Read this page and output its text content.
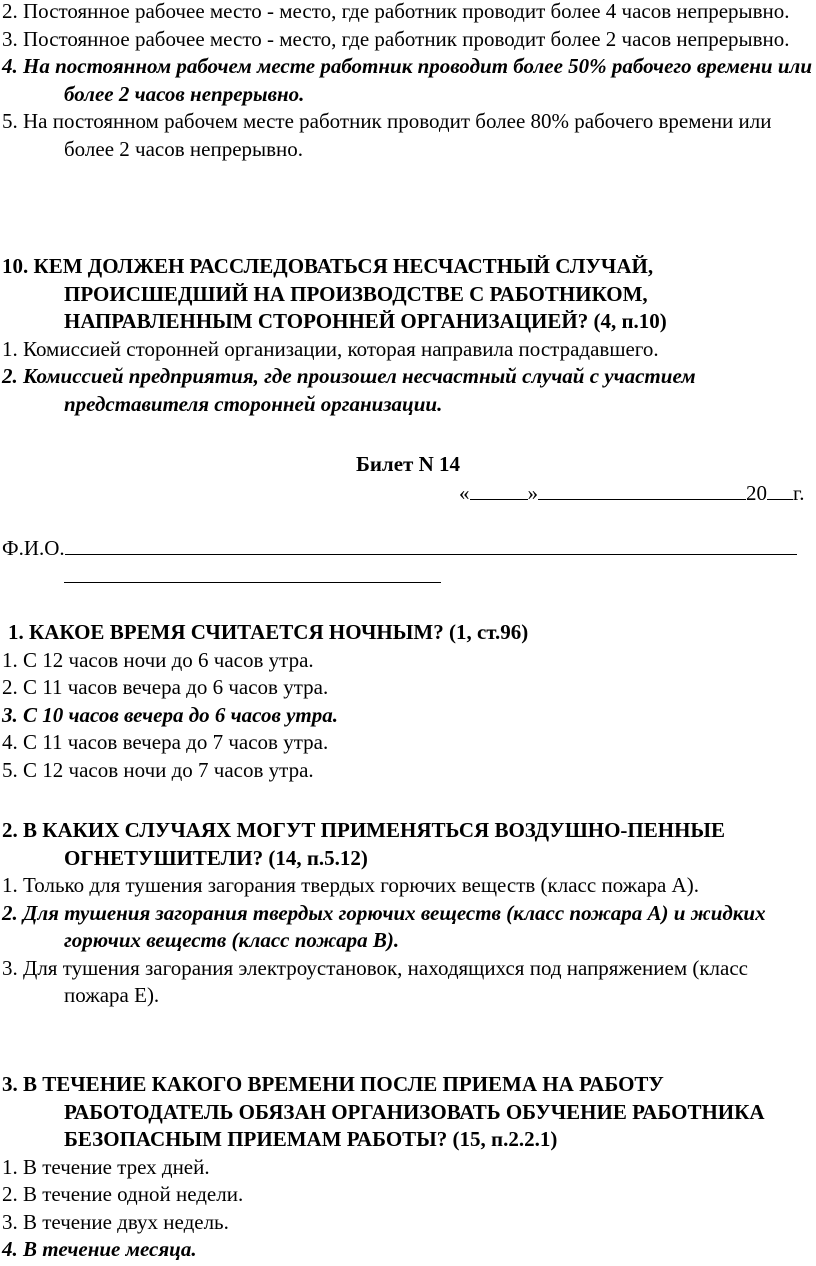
2. Постоянное рабочее место - место, где работник проводит более 4 часов непрерывно.
3. Постоянное рабочее место - место, где работник проводит более 2 часов непрерывно.
4. На постоянном рабочем месте работник проводит более 50% рабочего времени или более 2 часов непрерывно.
5. На постоянном рабочем месте работник проводит более 80% рабочего времени или более 2 часов непрерывно.
10. КЕМ ДОЛЖЕН РАССЛЕДОВАТЬСЯ НЕСЧАСТНЫЙ СЛУЧАЙ, ПРОИСШЕДШИЙ НА ПРОИЗВОДСТВЕ С РАБОТНИКОМ, НАПРАВЛЕННЫМ СТОРОННЕЙ ОРГАНИЗАЦИЕЙ? (4, п.10)
1. Комиссией сторонней организации, которая направила пострадавшего.
2. Комиссией предприятия, где произошел несчастный случай с участием представителя сторонней организации.
Билет N 14
«	»	20 г.
Ф.И.О.
1. КАКОЕ ВРЕМЯ СЧИТАЕТСЯ НОЧНЫМ? (1, ст.96)
1. С 12 часов ночи до 6 часов утра.
2. С 11 часов вечера до 6 часов утра.
3. С 10 часов вечера до 6 часов утра.
4. С 11 часов вечера до 7 часов утра.
5. С 12 часов ночи до 7 часов утра.
2. В КАКИХ СЛУЧАЯХ МОГУТ ПРИМЕНЯТЬСЯ ВОЗДУШНО-ПЕННЫЕ ОГНЕТУШИТЕЛИ? (14, п.5.12)
1. Только для тушения загорания твердых горючих веществ (класс пожара А).
2. Для тушения загорания твердых горючих веществ (класс пожара А) и жидких горючих веществ (класс пожара В).
3. Для тушения загорания электроустановок, находящихся под напряжением (класс пожара Е).
3. В ТЕЧЕНИЕ КАКОГО ВРЕМЕНИ ПОСЛЕ ПРИЕМА НА РАБОТУ РАБОТОДАТЕЛЬ ОБЯЗАН ОРГАНИЗОВАТЬ ОБУЧЕНИЕ РАБОТНИКА БЕЗОПАСНЫМ ПРИЕМАМ РАБОТЫ? (15, п.2.2.1)
1. В течение трех дней.
2. В течение одной недели.
3. В течение двух недель.
4. В течение месяца.
